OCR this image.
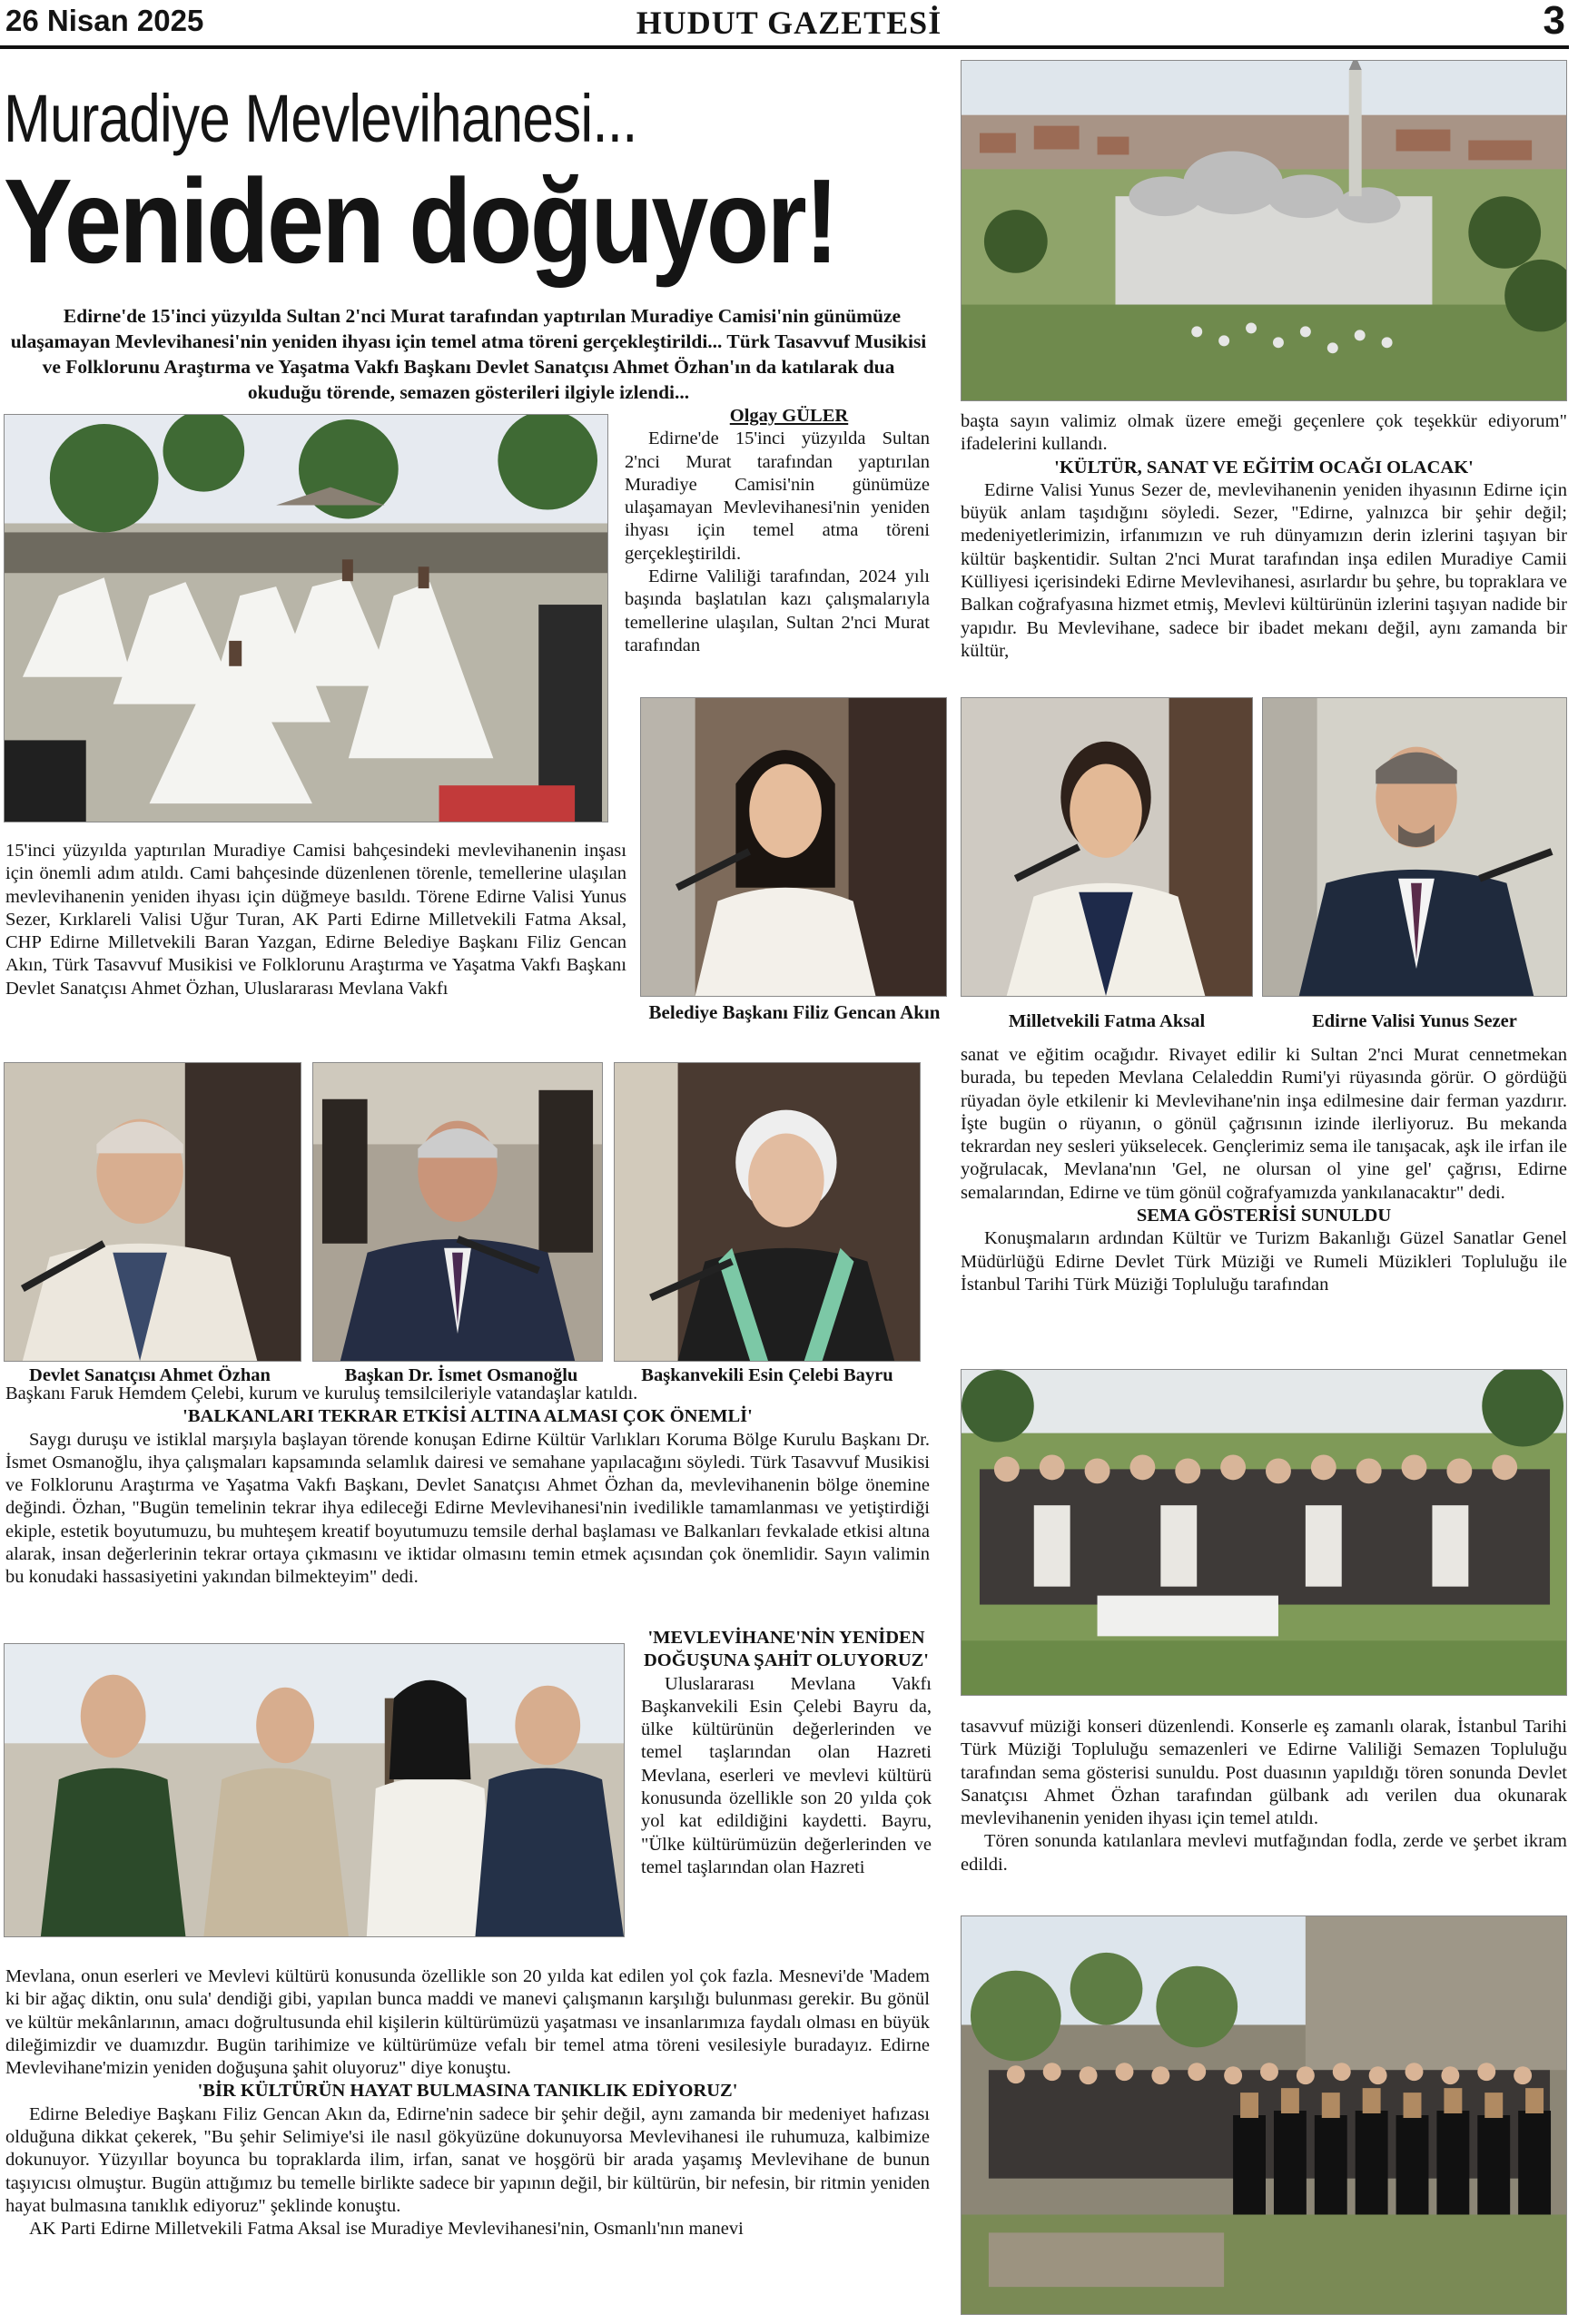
26 Nisan 2025	HUDUT GAZETESİ	3
Muradiye Mevlevihanesi...
Yeniden doğuyor!
Edirne'de 15'inci yüzyılda Sultan 2'nci Murat tarafından yaptırılan Muradiye Camisi'nin günümüze ulaşamayan Mevlevihanesi'nin yeniden ihyası için temel atma töreni gerçekleştirildi... Türk Tasavvuf Musikisi ve Folklorunu Araştırma ve Yaşatma Vakfı Başkanı Devlet Sanatçısı Ahmet Özhan'ın da katılarak dua okuduğu törende, semazen gösterileri ilgiyle izlendi...

Olgay GÜLER

Edirne'de 15'inci yüzyılda Sultan 2'nci Murat tarafından yaptırılan Muradiye Camisi'nin günümüze ulaşamayan Mevlevihanesi'nin yeniden ihyası için temel atma töreni gerçekleştirildi.

Edirne Valiliği tarafından, 2024 yılı başında başlatılan kazı çalışmalarıyla temellerine ulaşılan, Sultan 2'nci Murat tarafından

15'inci yüzyılda yaptırılan Muradiye Camisi bahçesindeki mevlevihanenin inşası için önemli adım atıldı. Cami bahçesinde düzenlenen törenle, temellerine ulaşılan mevlevihanenin yeniden ihyası için düğmeye basıldı. Törene Edirne Valisi Yunus Sezer, Kırklareli Valisi Uğur Turan, AK Parti Edirne Milletvekili Fatma Aksal, CHP Edirne Milletvekili Baran Yazgan, Edirne Belediye Başkanı Filiz Gencan Akın, Türk Tasavvuf Musikisi ve Folklorunu Araştırma ve Yaşatma Vakfı Başkanı Devlet Sanatçısı Ahmet Özhan, Uluslararası Mevlana Vakfı

Belediye Başkanı Filiz Gencan Akın	Milletvekili Fatma Aksal	Edirne Valisi Yunus Sezer
Devlet Sanatçısı Ahmet Özhan	Başkan Dr. İsmet Osmanoğlu	Başkanvekili Esin Çelebi Bayru

sanat ve eğitim ocağıdır. Rivayet edilir ki Sultan 2'nci Murat cennetmekan burada, bu tepeden Mevlana Celaleddin Rumi'yi rüyasında görür. O gördüğü rüyadan öyle etkilenir ki Mevlevihane'nin inşa edilmesine dair ferman yazdırır. İşte bugün o rüyanın, o gönül çağrısının izinde ilerliyoruz. Bu mekanda tekrardan ney sesleri yükselecek. Gençlerimiz sema ile tanışacak, aşk ile irfan ile yoğrulacak, Mevlana'nın 'Gel, ne olursan ol yine gel' çağrısı, Edirne semalarından, Edirne ve tüm gönül coğrafyamızda yankılanacaktır" dedi.

SEMA GÖSTERİSİ SUNULDU

Konuşmaların ardından Kültür ve Turizm Bakanlığı Güzel Sanatlar Genel Müdürlüğü Edirne Devlet Türk Müziği ve Rumeli Müzikleri Topluluğu ile İstanbul Tarihi Türk Müziği Topluluğu tarafından

başta sayın valimiz olmak üzere emeği geçenlere çok teşekkür ediyorum" ifadelerini kullandı.

'KÜLTÜR, SANAT VE EĞİTİM OCAĞI OLACAK'

Edirne Valisi Yunus Sezer de, mevlevihanenin yeniden ihyasının Edirne için büyük anlam taşıdığını söyledi. Sezer, "Edirne, yalnızca bir şehir değil; medeniyetlerimizin, irfanımızın ve ruh dünyamızın derin izlerini taşıyan bir kültür başkentidir. Sultan 2'nci Murat tarafından inşa edilen Muradiye Camii Külliyesi içerisindeki Edirne Mevlevihanesi, asırlardır bu şehre, bu topraklara ve Balkan coğrafyasına hizmet etmiş, Mevlevi kültürünün izlerini taşıyan nadide bir yapıdır. Bu Mevlevihane, sadece bir ibadet mekanı değil, aynı zamanda bir kültür,

Başkanı Faruk Hemdem Çelebi, kurum ve kuruluş temsilcileriyle vatandaşlar katıldı.

'BALKANLARI TEKRAR ETKİSİ ALTINA ALMASI ÇOK ÖNEMLİ'

Saygı duruşu ve istiklal marşıyla başlayan törende konuşan Edirne Kültür Varlıkları Koruma Bölge Kurulu Başkanı Dr. İsmet Osmanoğlu, ihya çalışmaları kapsamında selamlık dairesi ve semahane yapılacağını söyledi. Türk Tasavvuf Musikisi ve Folklorunu Araştırma ve Yaşatma Vakfı Başkanı, Devlet Sanatçısı Ahmet Özhan da, mevlevihanenin bölge önemine değindi. Özhan, "Bugün temelinin tekrar ihya edileceği Edirne Mevlevihanesi'nin ivedilikle tamamlanması ve yetiştirdiği ekiple, estetik boyutumuzu, bu muhteşem kreatif boyutumuzu temsile derhal başlaması ve Balkanları fevkalade etkisi altına alarak, insan değerlerinin tekrar ortaya çıkmasını ve iktidar olmasını temin etmek açısından çok önemlidir. Sayın valimin bu konudaki hassasiyetini yakından bilmekteyim" dedi.

'MEVLEVİHANE'NİN YENİDEN DOĞUŞUNA ŞAHİT OLUYORUZ'

Uluslararası Mevlana Vakfı Başkanvekili Esin Çelebi Bayru da, ülke kültürünün değerlerinden ve temel taşlarından olan Hazreti Mevlana, eserleri ve mevlevi kültürü konusunda özellikle son 20 yılda çok yol kat edildiğini kaydetti. Bayru, "Ülke kültürümüzün değerlerinden ve temel taşlarından olan Hazreti

tasavvuf müziği konseri düzenlendi. Konserle eş zamanlı olarak, İstanbul Tarihi Türk Müziği Topluluğu semazenleri ve Edirne Valiliği Semazen Topluluğu tarafından sema gösterisi sunuldu. Post duasının yapıldığı tören sonunda Devlet Sanatçısı Ahmet Özhan tarafından gülbank adı verilen dua okunarak mevlevihanenin yeniden ihyası için temel atıldı.

Tören sonunda katılanlara mevlevi mutfağından fodla, zerde ve şerbet ikram edildi.

Mevlana, onun eserleri ve Mevlevi kültürü konusunda özellikle son 20 yılda kat edilen yol çok fazla. Mesnevi'de 'Madem ki bir ağaç diktin, onu sula' dendiği gibi, yapılan bunca maddi ve manevi çalışmanın karşılığı bulunması gerekir. Bu gönül ve kültür mekânlarının, amacı doğrultusunda ehil kişilerin kültürümüzü yaşatması ve insanlarımıza faydalı olması en büyük dileğimizdir ve duamızdır. Bugün tarihimize ve kültürümüze vefalı bir temel atma töreni vesilesiyle buradayız. Edirne Mevlevihane'mizin yeniden doğuşuna şahit oluyoruz" diye konuştu.

'BİR KÜLTÜRÜN HAYAT BULMASINA TANIKLIK EDİYORUZ'

Edirne Belediye Başkanı Filiz Gencan Akın da, Edirne'nin sadece bir şehir değil, aynı zamanda bir medeniyet hafızası olduğuna dikkat çekerek, "Bu şehir Selimiye'si ile nasıl gökyüzüne dokunuyorsa Mevlevihanesi ile ruhumuza, kalbimize dokunuyor. Yüzyıllar boyunca bu topraklarda ilim, irfan, sanat ve hoşgörü bir arada yaşamış Mevlevihane de bunun taşıyıcısı olmuştur. Bugün attığımız bu temelle birlikte sadece bir yapının değil, bir kültürün, bir nefesin, bir ritmin yeniden hayat bulmasına tanıklık ediyoruz" şeklinde konuştu.

AK Parti Edirne Milletvekili Fatma Aksal ise Muradiye Mevlevihanesi'nin, Osmanlı'nın manevi
